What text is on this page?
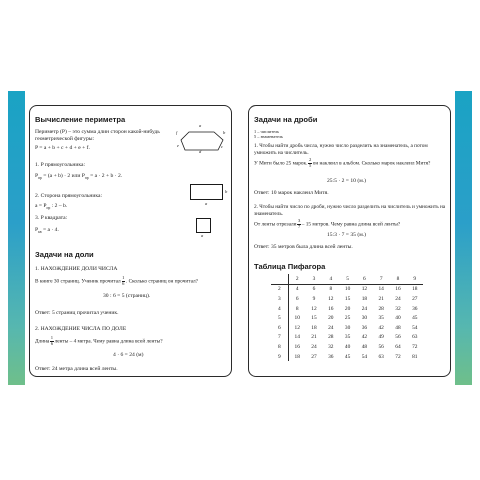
Вычисление периметра
Периметр (P) – это сумма длин сторон какой-нибудь геометрической фигуры:
P = a + b + c + d + e + f.
a
b
c
d
e
f
1. P прямоугольника:
$P_{пр} = (a + b) \cdot 2$ или $P_{пр} = a \cdot 2 + b \cdot 2$.
a
b
2. Сторона прямоугольника:
$a = P_{пр}$ : 2 – b.
3. P квадрата:
$P_{кв} = a \cdot 4$.
a
Задачи на доли
1. НАХОЖДЕНИЕ ДОЛИ ЧИСЛА
В книге 30 страниц. Ученик прочитал $\frac{1}{6}$ . Сколько страниц он прочитал?
30 : 6 = 5 (страниц).
Ответ: 5 страниц прочитал ученик.
2. НАХОЖДЕНИЕ ЧИСЛА ПО ДОЛЕ
Длина $\frac{1}{6}$ ленты – 4 метра. Чему равна длина всей ленты?
4 · 6 = 24 (м)
Ответ: 24 метра длина всей ленты.
Задачи на дроби
1 – числитель
5 – знаменатель
1. Чтобы найти дробь числа, нужно число разделить на знаменатель, а потом умножить на числитель.
У Мити было 25 марок. $\frac{2}{5}$ он наклеил в альбом. Сколько марок наклеил Митя?
25:5 · 2 = 10 (м.)
Ответ: 10 марок наклеил Митя.
2. Чтобы найти число по дроби, нужно число разделить на числитель и умножить на знаменатель.
От ленты отрезали $\frac{3}{7} - 15$ метров. Чему равна длина всей ленты?
15:3 · 7 = 35 (м.)
Ответ: 35 метров была длина всей ленты.
Таблица Пифагора
	2	3	4	5	6	7	8	9
2	4	6	8	10	12	14	16	18
3	6	9	12	15	18	21	24	27
4	8	12	16	20	24	28	32	36
5	10	15	20	25	30	35	40	45
6	12	18	24	30	36	42	48	54
7	14	21	28	35	42	49	56	63
8	16	24	32	40	48	56	64	72
9	18	27	36	45	54	63	72	81
